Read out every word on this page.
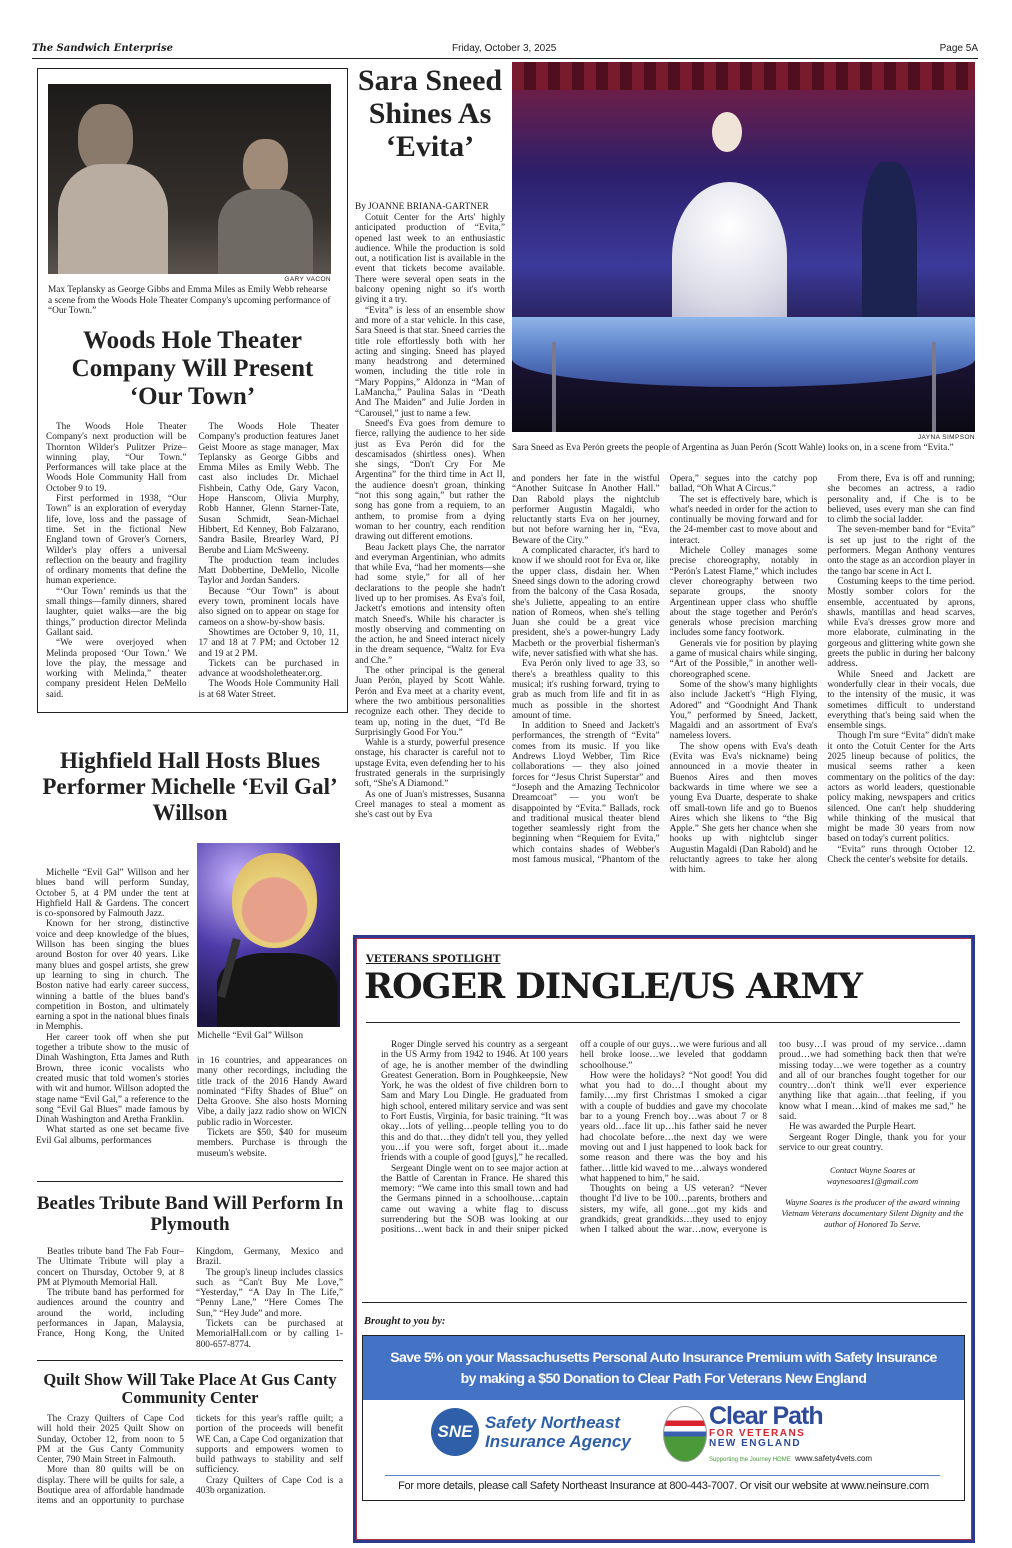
The Sandwich Enterprise	Friday, October 3, 2025	Page 5A
GARY VACON
Max Teplansky as George Gibbs and Emma Miles as Emily Webb rehearse a scene from the Woods Hole Theater Company's upcoming performance of “Our Town.”
Woods Hole Theater Company Will Present ‘Our Town’

The Woods Hole Theater Company's next production will be Thornton Wilder's Pulitzer Prize–winning play, “Our Town.” Performances will take place at the Woods Hole Community Hall from October 9 to 19.

First performed in 1938, “Our Town” is an exploration of everyday life, love, loss and the passage of time. Set in the fictional New England town of Grover's Corners, Wilder's play offers a universal reflection on the beauty and fragility of ordinary moments that define the human experience.

“‘Our Town’ reminds us that the small things—family dinners, shared laughter, quiet walks—are the big things,” production director Melinda Gallant said.

“We were overjoyed when Melinda proposed ‘Our Town.’ We love the play, the message and working with Melinda,” theater company president Helen DeMello said.

The Woods Hole Theater Company's production features Janet Geist Moore as stage manager, Max Teplansky as George Gibbs and Emma Miles as Emily Webb. The cast also includes Dr. Michael Fishbein, Cathy Ode, Gary Vacon, Hope Hanscom, Olivia Murphy, Robb Hanner, Glenn Starner-Tate, Susan Schmidt, Sean-Michael Hibbert, Ed Kenney, Bob Falzarano, Sandra Basile, Brearley Ward, PJ Berube and Liam McSweeny.

The production team includes Matt Dobbertine, DeMello, Nicolle Taylor and Jordan Sanders.

Because “Our Town” is about every town, prominent locals have also signed on to appear on stage for cameos on a show-by-show basis.

Showtimes are October 9, 10, 11, 17 and 18 at 7 PM; and October 12 and 19 at 2 PM.

Tickets can be purchased in advance at woodsholetheater.org.

The Woods Hole Community Hall is at 68 Water Street.

Highfield Hall Hosts Blues Performer Michelle ‘Evil Gal’ Willson

Michelle “Evil Gal” Willson and her blues band will perform Sunday, October 5, at 4 PM under the tent at Highfield Hall & Gardens. The concert is co-sponsored by Falmouth Jazz.

Known for her strong, distinctive voice and deep knowledge of the blues, Willson has been singing the blues around Boston for over 40 years. Like many blues and gospel artists, she grew up learning to sing in church. The Boston native had early career success, winning a battle of the blues band's competition in Boston, and ultimately earning a spot in the national blues finals in Memphis.

Her career took off when she put together a tribute show to the music of Dinah Washington, Etta James and Ruth Brown, three iconic vocalists who created music that told women's stories with wit and humor. Willson adopted the stage name “Evil Gal,” a reference to the song “Evil Gal Blues” made famous by Dinah Washington and Aretha Franklin.

What started as one set became five Evil Gal albums, performances

Michelle “Evil Gal” Willson

in 16 countries, and appearances on many other recordings, including the title track of the 2016 Handy Award nominated “Fifty Shades of Blue” on Delta Groove. She also hosts Morning Vibe, a daily jazz radio show on WICN public radio in Worcester.

Tickets are $50, $40 for museum members. Purchase is through the museum's website.

Beatles Tribute Band Will Perform In Plymouth

Beatles tribute band The Fab Four–The Ultimate Tribute will play a concert on Thursday, October 9, at 8 PM at Plymouth Memorial Hall.

The tribute band has performed for audiences around the country and around the world, including performances in Japan, Malaysia, France, Hong Kong, the United Kingdom, Germany, Mexico and Brazil.

The group's lineup includes classics such as “Can't Buy Me Love,” “Yesterday,” “A Day In The Life,” “Penny Lane,” “Here Comes The Sun,” “Hey Jude” and more.

Tickets can be purchased at MemorialHall.com or by calling 1-800-657-8774.

Quilt Show Will Take Place At Gus Canty Community Center

The Crazy Quilters of Cape Cod will hold their 2025 Quilt Show on Sunday, October 12, from noon to 5 PM at the Gus Canty Community Center, 790 Main Street in Falmouth.

More than 80 quilts will be on display. There will be quilts for sale, a Boutique area of affordable handmade items and an opportunity to purchase tickets for this year's raffle quilt; a portion of the proceeds will benefit WE Can, a Cape Cod organization that supports and empowers women to build pathways to stability and self sufficiency.

Crazy Quilters of Cape Cod is a 403b organization.

Sara Sneed Shines As ‘Evita’
By JOANNE BRIANA-GARTNER

Cotuit Center for the Arts' highly anticipated production of “Evita,” opened last week to an enthusiastic audience. While the production is sold out, a notification list is available in the event that tickets become available. There were several open seats in the balcony opening night so it's worth giving it a try.

“Evita” is less of an ensemble show and more of a star vehicle. In this case, Sara Sneed is that star. Sneed carries the title role effortlessly both with her acting and singing. Sneed has played many headstrong and determined women, including the title role in “Mary Poppins,” Aldonza in “Man of LaMancha,” Paulina Salas in “Death And The Maiden” and Julie Jorden in “Carousel,” just to name a few.

Sneed's Eva goes from demure to fierce, rallying the audience to her side just as Eva Perón did for the descamisados (shirtless ones). When she sings, “Don't Cry For Me Argentina” for the third time in Act II, the audience doesn't groan, thinking “not this song again,” but rather the song has gone from a requiem, to an anthem, to promise from a dying woman to her country, each rendition drawing out different emotions.

Beau Jackett plays Che, the narrator and everyman Argentinian, who admits that while Eva, “had her moments—she had some style,” for all of her declarations to the people she hadn't lived up to her promises. As Eva's foil, Jackett's emotions and intensity often match Sneed's. While his character is mostly observing and commenting on the action, he and Sneed interact nicely in the dream sequence, “Waltz for Eva and Che.”

The other principal is the general Juan Perón, played by Scott Wahle. Perón and Eva meet at a charity event, where the two ambitious personalities recognize each other. They decide to team up, noting in the duet, “I'd Be Surprisingly Good For You.”

Wahle is a sturdy, powerful presence onstage, his character is careful not to upstage Evita, even defending her to his frustrated generals in the surprisingly soft, “She's A Diamond.”

As one of Juan's mistresses, Susanna Creel manages to steal a moment as she's cast out by Eva

JAYNA SIMPSON
Sara Sneed as Eva Perón greets the people of Argentina as Juan Perón (Scott Wahle) looks on, in a scene from “Evita.”

and ponders her fate in the wistful “Another Suitcase In Another Hall.” Dan Rabold plays the nightclub performer Augustin Magaldi, who reluctantly starts Eva on her journey, but not before warning her in, “Eva, Beware of the City.”

A complicated character, it's hard to know if we should root for Eva or, like the upper class, disdain her. When Sneed sings down to the adoring crowd from the balcony of the Casa Rosada, she's Juliette, appealing to an entire nation of Romeos, when she's telling Juan she could be a great vice president, she's a power-hungry Lady Macbeth or the proverbial fisherman's wife, never satisfied with what she has.

Eva Perón only lived to age 33, so there's a breathless quality to this musical; it's rushing forward, trying to grab as much from life and fit in as much as possible in the shortest amount of time.

In addition to Sneed and Jackett's performances, the strength of “Evita” comes from its music. If you like Andrews Lloyd Webber, Tim Rice collaborations — they also joined forces for “Jesus Christ Superstar” and “Joseph and the Amazing Technicolor Dreamcoat” — you won't be disappointed by “Evita.” Ballads, rock and traditional musical theater blend together seamlessly right from the beginning when “Requiem for Evita,” which contains shades of Webber's most famous musical, “Phantom of the Opera,” segues into the catchy pop ballad, “Oh What A Circus.”

The set is effectively bare, which is what's needed in order for the action to continually be moving forward and for the 24-member cast to move about and interact.

Michele Colley manages some precise choreography, notably in “Perón's Latest Flame,” which includes clever choreography between two separate groups, the snooty Argentinean upper class who shuffle about the stage together and Perón's generals whose precision marching includes some fancy footwork.

Generals vie for position by playing a game of musical chairs while singing, “Art of the Possible,” in another well-choreographed scene.

Some of the show's many highlights also include Jackett's “High Flying, Adored” and “Goodnight And Thank You,” performed by Sneed, Jackett, Magaldi and an assortment of Eva's nameless lovers.

The show opens with Eva's death (Evita was Eva's nickname) being announced in a movie theater in Buenos Aires and then moves backwards in time where we see a young Eva Duarte, desperate to shake off small-town life and go to Buenos Aires which she likens to “the Big Apple.” She gets her chance when she hooks up with nightclub singer Augustin Magaldi (Dan Rabold) and he reluctantly agrees to take her along with him.

From there, Eva is off and running; she becomes an actress, a radio personality and, if Che is to be believed, uses every man she can find to climb the social ladder.

The seven-member band for “Evita” is set up just to the right of the performers. Megan Anthony ventures onto the stage as an accordion player in the tango bar scene in Act I.

Costuming keeps to the time period. Mostly somber colors for the ensemble, accentuated by aprons, shawls, mantillas and head scarves, while Eva's dresses grow more and more elaborate, culminating in the gorgeous and glittering white gown she greets the public in during her balcony address.

While Sneed and Jackett are wonderfully clear in their vocals, due to the intensity of the music, it was sometimes difficult to understand everything that's being said when the ensemble sings.

Though I'm sure “Evita” didn't make it onto the Cotuit Center for the Arts 2025 lineup because of politics, the musical seems rather a keen commentary on the politics of the day: actors as world leaders, questionable policy making, newspapers and critics silenced. One can't help shuddering while thinking of the musical that might be made 30 years from now based on today's current politics.

“Evita” runs through October 12. Check the center's website for details.

VETERANS SPOTLIGHT
ROGER DINGLE/US ARMY

Roger Dingle served his country as a sergeant in the US Army from 1942 to 1946. At 100 years of age, he is another member of the dwindling Greatest Generation. Born in Poughkeepsie, New York, he was the oldest of five children born to Sam and Mary Lou Dingle. He graduated from high school, entered military service and was sent to Fort Eustis, Virginia, for basic training. “It was okay…lots of yelling…people telling you to do this and do that…they didn't tell you, they yelled you…if you were soft, forget about it…made friends with a couple of good [guys],” he recalled.

Sergeant Dingle went on to see major action at the Battle of Carentan in France. He shared this memory: “We came into this small town and had the Germans pinned in a schoolhouse…captain came out waving a white flag to discuss surrendering but the SOB was looking at our positions…went back in and their sniper picked off a couple of our guys…we were furious and all hell broke loose…we leveled that goddamn schoolhouse.”

How were the holidays? “Not good! You did what you had to do…I thought about my family….my first Christmas I smoked a cigar with a couple of buddies and gave my chocolate bar to a young French boy…was about 7 or 8 years old…face lit up…his father said he never had chocolate before…the next day we were moving out and I just happened to look back for some reason and there was the boy and his father…little kid waved to me…always wondered what happened to him,” he said.

Thoughts on being a US veteran? “Never thought I'd live to be 100…parents, brothers and sisters, my wife, all gone…got my kids and grandkids, great grandkids…they used to enjoy when I talked about the war…now, everyone is too busy…I was proud of my service…damn proud…we had something back then that we're missing today…we were together as a country and all of our branches fought together for our country…don't think we'll ever experience anything like that again…that feeling, if you know what I mean…kind of makes me sad,” he said.

He was awarded the Purple Heart.

Sergeant Roger Dingle, thank you for your service to our great country.

Contact Wayne Soares at waynesoares1@gmail.com
Wayne Soares is the producer of the award winning Vietnam Veterans documentary Silent Dignity and the author of Honored To Serve.
Brought to you by:
Save 5% on your Massachusetts Personal Auto Insurance Premium with Safety Insurance
by making a $50 Donation to Clear Path For Veterans New England
SNE Safety Northeast
Insurance Agency
Clear Path
FOR VETERANS
NEW ENGLAND
Supporting the Journey HOME www.safety4vets.com
For more details, please call Safety Northeast Insurance at 800-443-7007. Or visit our website at www.neinsure.com
